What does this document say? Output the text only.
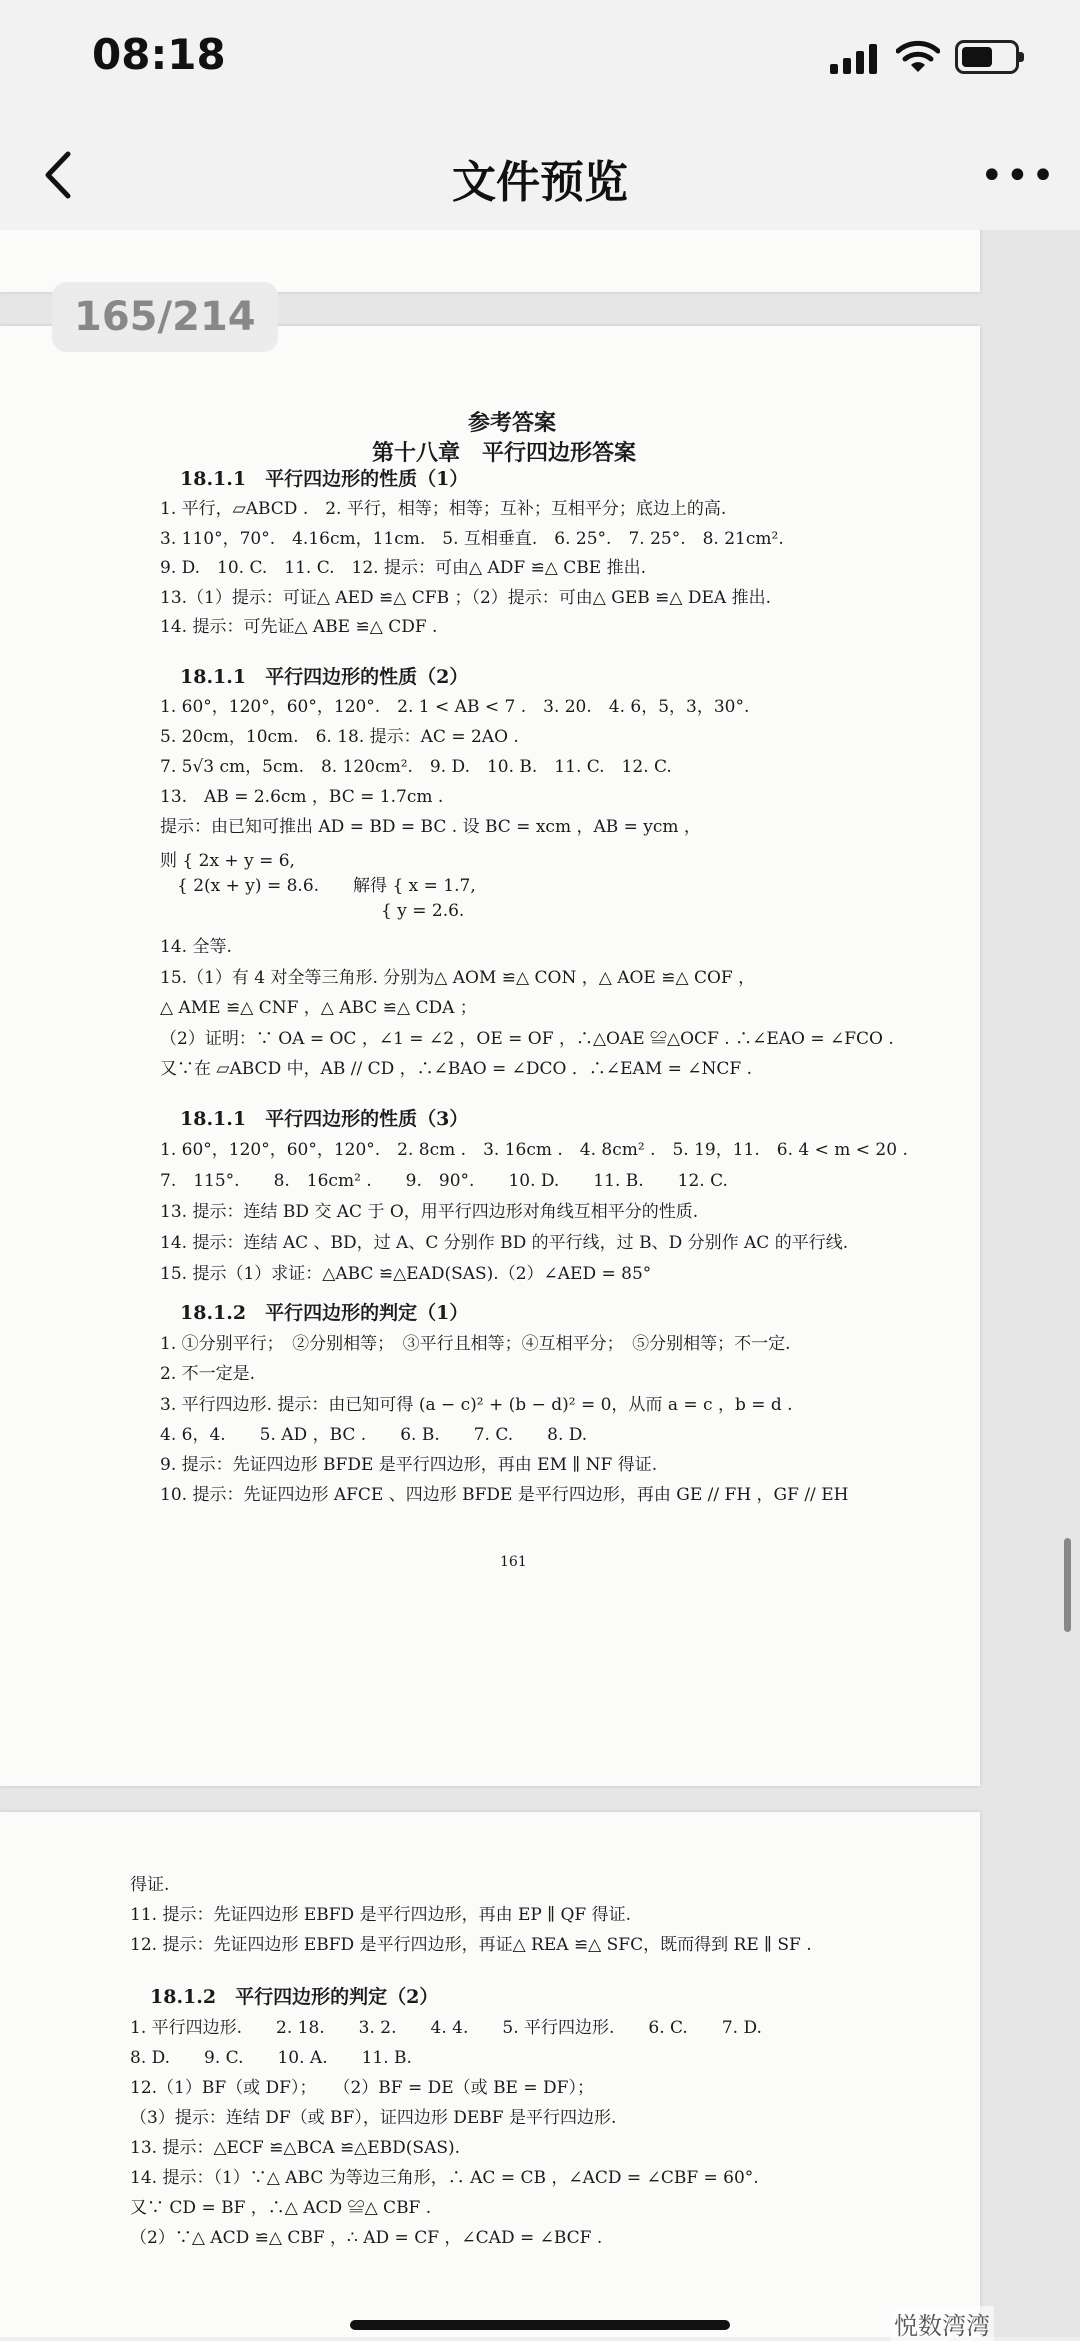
08:18
文件预览	•••
参考答案
第十八章　平行四边形答案
18.1.1　平行四边形的性质（1）
1. 平行，▱ABCD .　2. 平行，相等；相等；互补；互相平分；底边上的高.
3. 110°，70°.　4.16cm，11cm.　5. 互相垂直.　6. 25°.　7. 25°.　8. 21cm².
9. D.　10. C.　11. C.　12. 提示：可由△ ADF ≌△ CBE 推出.
13.（1）提示：可证△ AED ≌△ CFB ；（2）提示：可由△ GEB ≌△ DEA 推出.
14. 提示：可先证△ ABE ≌△ CDF .
18.1.1　平行四边形的性质（2）
1. 60°，120°，60°，120°.　2. 1 < AB < 7 .　3. 20.　4. 6，5，3，30°.
5. 20cm，10cm.　6. 18. 提示：AC = 2AO .
7. 5√3 cm，5cm.　8. 120cm².　9. D.　10. B.　11. C.　12. C.
13.　AB = 2.6cm ，BC = 1.7cm .
提示：由已知可推出 AD = BD = BC . 设 BC = xcm ，AB = ycm ，
则 { 2x + y = 6,
　{ 2(x + y) = 8.6.　　解得 { x = 1.7,
　　　　　　　　　　　　　{ y = 2.6.
14. 全等.
15.（1）有 4 对全等三角形. 分别为△ AOM ≌△ CON ，△ AOE ≌△ COF ，
△ AME ≌△ CNF ，△ ABC ≌△ CDA ；
（2）证明：∵ OA = OC ，∠1 = ∠2 ，OE = OF ，∴△OAE ≌△OCF . ∴∠EAO = ∠FCO .
又∵在 ▱ABCD 中，AB // CD ，∴∠BAO = ∠DCO ．∴∠EAM = ∠NCF .
18.1.1　平行四边形的性质（3）
1. 60°，120°，60°，120°.　2. 8cm .　3. 16cm .　4. 8cm² .　5. 19，11.　6. 4 < m < 20 .
7.　115°.　　8.　16cm² .　　9.　90°.　　10. D.　　11. B.　　12. C.
13. 提示：连结 BD 交 AC 于 O，用平行四边形对角线互相平分的性质.
14. 提示：连结 AC 、BD，过 A、C 分别作 BD 的平行线，过 B、D 分别作 AC 的平行线.
15. 提示（1）求证：△ABC ≌△EAD(SAS).（2）∠AED = 85°
18.1.2　平行四边形的判定（1）
1. ①分别平行；　②分别相等；　③平行且相等；④互相平分；　⑤分别相等；不一定.
2. 不一定是.
3. 平行四边形. 提示：由已知可得 (a − c)² + (b − d)² = 0，从而 a = c ，b = d .
4. 6，4.　　5. AD ，BC .　　6. B.　　7. C.　　8. D.
9. 提示：先证四边形 BFDE 是平行四边形，再由 EM ∥ NF 得证.
10. 提示：先证四边形 AFCE 、四边形 BFDE 是平行四边形，再由 GE // FH ，GF // EH
161
得证.
11. 提示：先证四边形 EBFD 是平行四边形，再由 EP ∥ QF 得证.
12. 提示：先证四边形 EBFD 是平行四边形，再证△ REA ≌△ SFC，既而得到 RE ∥ SF .
18.1.2　平行四边形的判定（2）
1. 平行四边形.　　2. 18.　　3. 2.　　4. 4.　　5. 平行四边形.　　6. C.　　7. D.
8. D.　　9. C.　　10. A.　　11. B.
12.（1）BF（或 DF）；　　（2）BF = DE（或 BE = DF）；
（3）提示：连结 DF（或 BF），证四边形 DEBF 是平行四边形.
13. 提示：△ECF ≌△BCA ≌△EBD(SAS).
14. 提示：（1）∵△ ABC 为等边三角形，∴ AC = CB ，∠ACD = ∠CBF = 60°.
又∵ CD = BF ，∴△ ACD ≌△ CBF .
（2）∵△ ACD ≌△ CBF ，∴ AD = CF ，∠CAD = ∠BCF .
165/214
悦数湾湾
